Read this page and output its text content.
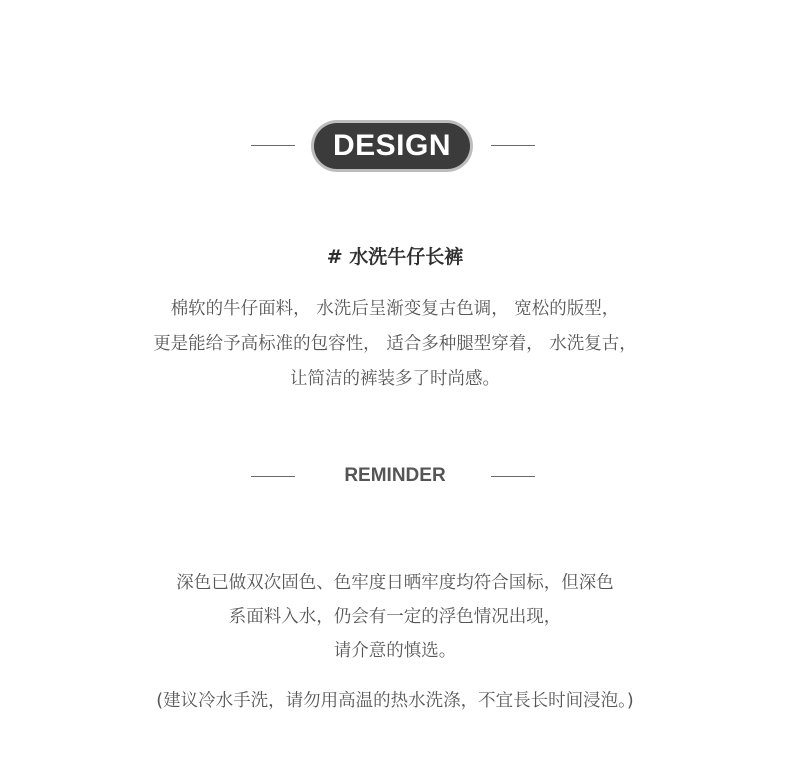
DESIGN
# 水洗牛仔长裤
棉软的牛仔面料， 水洗后呈渐变复古色调， 宽松的版型，
更是能给予高标准的包容性， 适合多种腿型穿着， 水洗复古，
让简洁的裤装多了时尚感。
REMINDER
深色已做双次固色、色牢度日晒牢度均符合国标，但深色
系面料入水，仍会有一定的浮色情况出现，
请介意的慎选。
(建议冷水手洗，请勿用高温的热水洗涤，不宜長长时间浸泡。)
